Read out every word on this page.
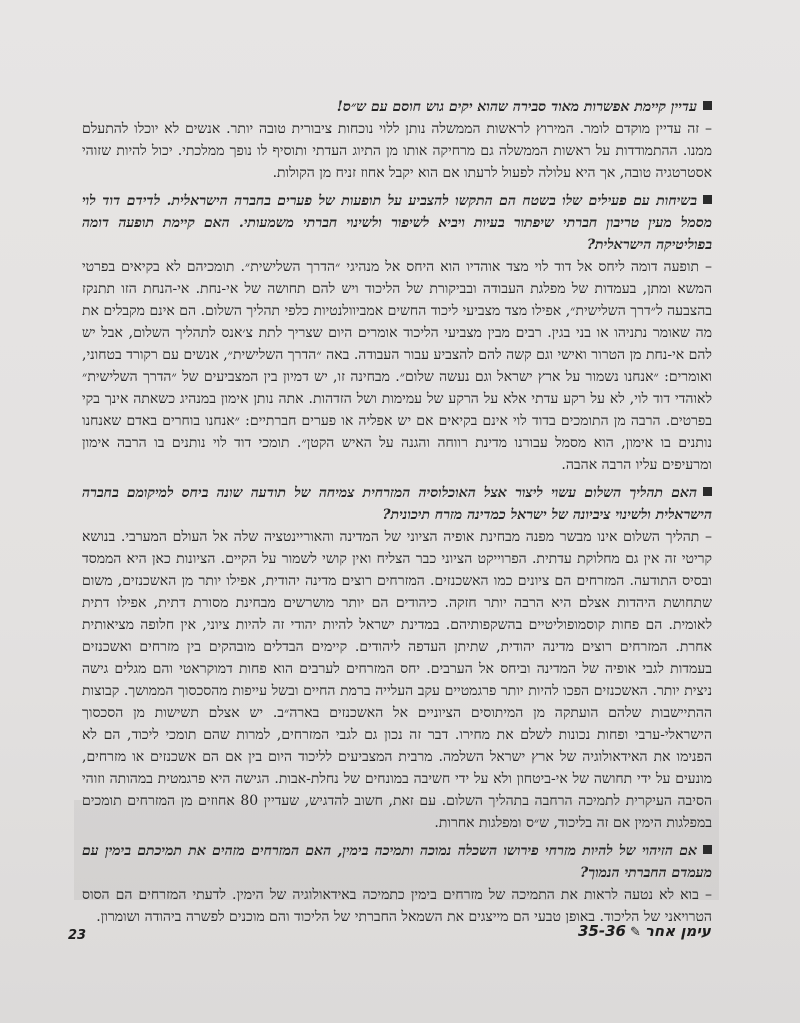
עדיין קיימת אפשרות מאוד סבירה שהוא יקים גוש חוסם עם ש״ס!

– זה עדיין מוקדם לומר. המירוץ לראשות הממשלה נותן ללוי נוכחות ציבורית טובה יותר. אנשים לא יוכלו להתעלם ממנו. ההתמודדות על ראשות הממשלה גם מרחיקה אותו מן התיוג העדתי ותוסיף לו נופך ממלכתי. יכול להיות שזוהי אסטרטגיה טובה, אך היא עלולה לפעול לרעתו אם הוא יקבל אחוז זניח מן הקולות.

בשיחות עם פעילים שלו בשטח הם התקשו להצביע על תופעות של פערים בחברה הישראלית. לדידם דוד לוי מסמל מעין טריבון חברתי שיפתור בעיות ויביא לשיפור ולשינוי חברתי משמעותי. האם קיימת תופעה דומה בפוליטיקה הישראלית?

– תופעה דומה ליחס אל דוד לוי מצד אוהדיו הוא היחס אל מנהיגי ״הדרך השלישית״. תומכיהם לא בקיאים בפרטי המשא ומתן, בעמדות של מפלגת העבודה ובביקורת של הליכוד ויש להם תחושה של אי-נחת. אי-הנחת הזו תתנקז בהצבעה ל״דרך השלישית״, אפילו מצד מצביעי ליכוד החשים אמביוולנטיות כלפי תהליך השלום. הם אינם מקבלים את מה שאומר נתניהו או בני בגין. רבים מבין מצביעי הליכוד אומרים היום שצריך לתת צ׳אנס לתהליך השלום, אבל יש להם אי-נחת מן הטרור ואישי וגם קשה להם להצביע עבור העבודה. באה ״הדרך השלישית״, אנשים עם רקורד בטחוני, ואומרים: ״אנחנו נשמור על ארץ ישראל וגם נעשה שלום״. מבחינה זו, יש דמיון בין המצביעים של ״הדרך השלישית״ לאוהדי דוד לוי, לא על רקע עדתי אלא על הרקע של עמימות ושל הזדהות. אתה נותן אימון במנהיג כשאתה אינך בקי בפרטים. הרבה מן התומכים בדוד לוי אינם בקיאים אם יש אפליה או פערים חברתיים: ״אנחנו בוחרים באדם שאנחנו נותנים בו אימון, הוא מסמל עבורנו מדינת רווחה והגנה על האיש הקטן״. תומכי דוד לוי נותנים בו הרבה אימון ומרעיפים עליו הרבה אהבה.

האם תהליך השלום עשוי ליצור אצל האוכלוסיה המזרחית צמיחה של תודעה שונה ביחס למיקומם בחברה הישראלית ולשינוי ציביונה של ישראל כמדינה מזרח תיכונית?

– תהליך השלום אינו מבשר מפנה מבחינת אופיה הציוני של המדינה והאוריינטציה שלה אל העולם המערבי. בנושא קריטי זה אין גם מחלוקת עדתית. הפרוייקט הציוני כבר הצליח ואין קושי לשמור על הקיים. הציונות כאן היא הממסד ובסיס התודעה. המזרחים הם ציונים כמו האשכנזים. המזרחים רוצים מדינה יהודית, אפילו יותר מן האשכנזים, משום שתחושת היהדות אצלם היא הרבה יותר חזקה. כיהודים הם יותר מושרשים מבחינת מסורת דתית, אפילו דתית לאומית. הם פחות קוסמופוליטיים בהשקפותיהם. במדינת ישראל להיות יהודי זה להיות ציוני, אין חלופה מציאותית אחרת. המזרחים רוצים מדינה יהודית, שתיתן העדפה ליהודים. קיימים הבדלים מובהקים בין מזרחים ואשכנזים בעמדות לגבי אופיה של המדינה וביחס אל הערבים. יחס המזרחים לערבים הוא פחות דמוקראטי והם מגלים גישה ניצית יותר. האשכנזים הפכו להיות יותר פרגמטיים עקב העלייה ברמת החיים ובשל עייפות מהסכסוך הממושך. קבוצות ההתיישבות שלהם הועתקה מן המיתוסים הציוניים אל האשכנזים בארה״ב. יש אצלם תשישות מן הסכסוך הישראלי-ערבי ופחות נכונות לשלם את מחירו. דבר זה נכון גם לגבי המזרחים, למרות שהם תומכי ליכוד, הם לא הפנימו את האידאולוגיה של ארץ ישראל השלמה. מרבית המצביעים לליכוד היום בין אם הם אשכנזים או מזרחים, מונעים על ידי תחושה של אי-ביטחון ולא על ידי חשיבה במונחים של נחלת-אבות. הגישה היא פרגמטית במהותה וזוהי הסיבה העיקרית לתמיכה הרחבה בתהליך השלום. עם זאת, חשוב להדגיש, שעדיין 80 אחוזים מן המזרחים תומכים במפלגות הימין אם זה בליכוד, ש״ס ומפלגות אחרות.

אם הזיהוי של להיות מזרחי פירושו השכלה נמוכה ותמיכה בימין, האם המזרחים מזהים את תמיכתם בימין עם מעמדם החברתי הנמוך?

– בוא לא נטעה לראות את התמיכה של מזרחים בימין כתמיכה באידאולוגיה של הימין. לדעתי המזרחים הם הסוס הטרויאני של הליכוד. באופן טבעי הם מייצגים את השמאל החברתי של הליכוד והם מוכנים לפשרה ביהודה ושומרון.

23	עימן אחר✎35-36
